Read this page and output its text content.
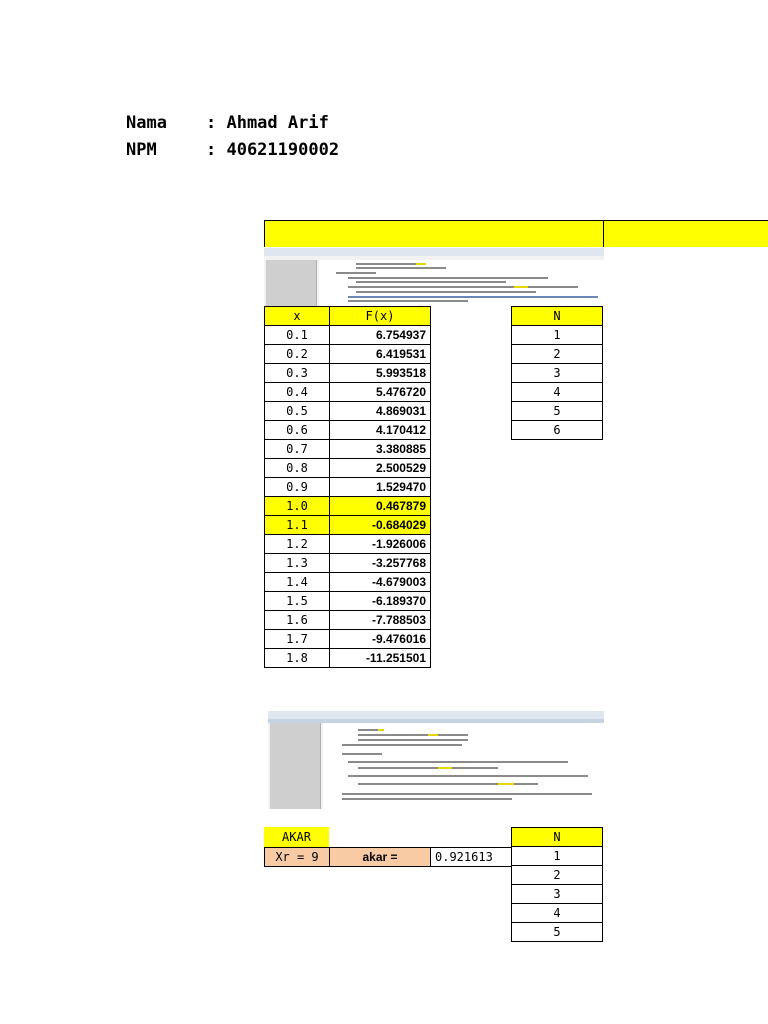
Nama : Ahmad Arif
NPM	: 40621190002
x	F(x)
0.1	6.754937
0.2	6.419531
0.3	5.993518
0.4	5.476720
0.5	4.869031
0.6	4.170412
0.7	3.380885
0.8	2.500529
0.9	1.529470
1.0	0.467879
1.1	-0.684029
1.2	-1.926006
1.3	-3.257768
1.4	-4.679003
1.5	-6.189370
1.6	-7.788503
1.7	-9.476016
1.8	-11.251501
N
1
2
3
4
5
6
AKAR
Xr = 9	akar =	0.921613
N
1
2
3
4
5
